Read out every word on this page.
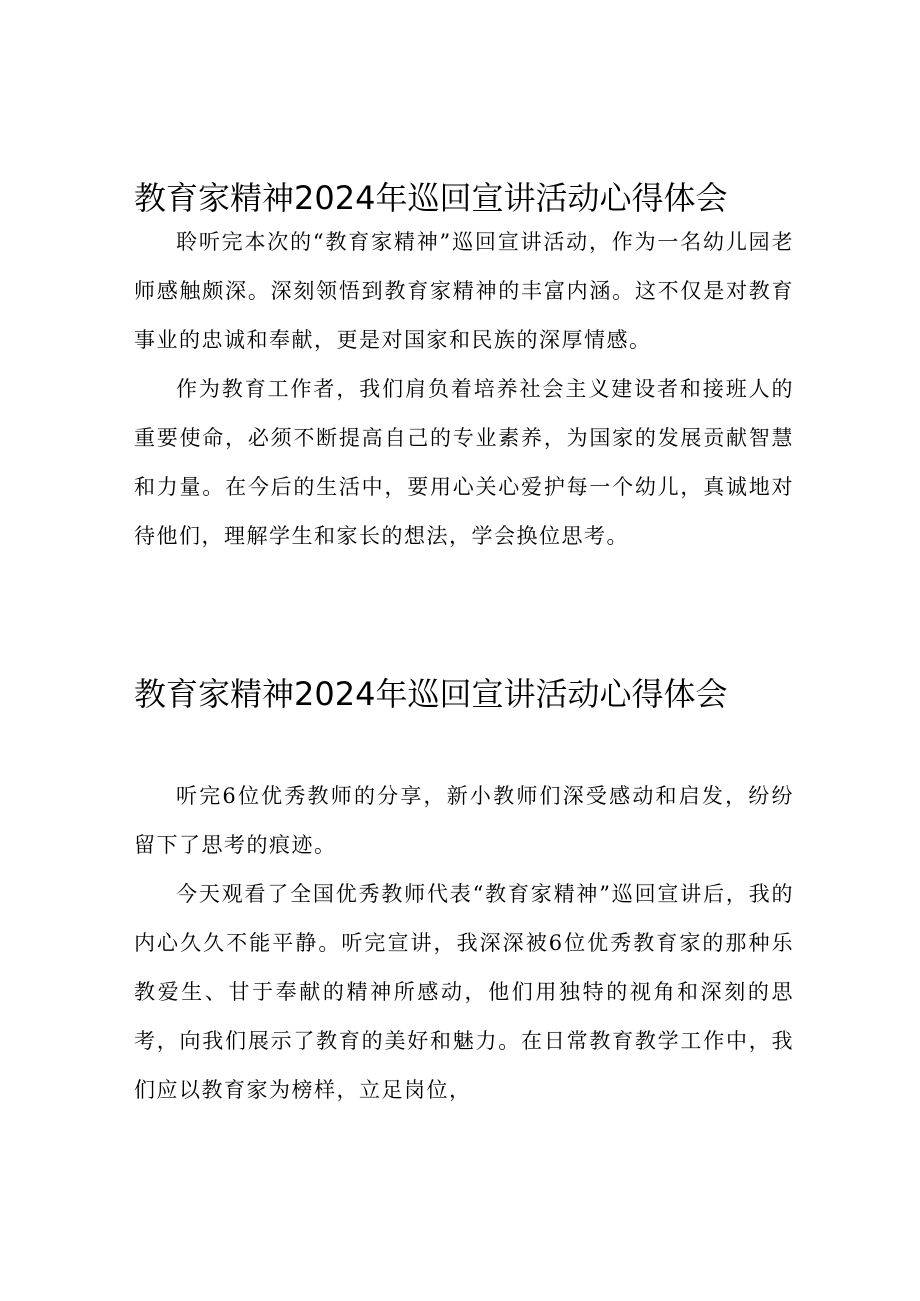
教育家精神2024年巡回宣讲活动心得体会

聆听完本次的“教育家精神”巡回宣讲活动，作为一名幼儿园老师感触颇深。深刻领悟到教育家精神的丰富内涵。这不仅是对教育事业的忠诚和奉献，更是对国家和民族的深厚情感。

作为教育工作者，我们肩负着培养社会主义建设者和接班人的重要使命，必须不断提高自己的专业素养，为国家的发展贡献智慧和力量。在今后的生活中，要用心关心爱护每一个幼儿，真诚地对待他们，理解学生和家长的想法，学会换位思考。

教育家精神2024年巡回宣讲活动心得体会

听完6位优秀教师的分享，新小教师们深受感动和启发，纷纷留下了思考的痕迹。

今天观看了全国优秀教师代表“教育家精神”巡回宣讲后，我的内心久久不能平静。听完宣讲，我深深被6位优秀教育家的那种乐教爱生、甘于奉献的精神所感动，他们用独特的视角和深刻的思考，向我们展示了教育的美好和魅力。在日常教育教学工作中，我们应以教育家为榜样，立足岗位，
